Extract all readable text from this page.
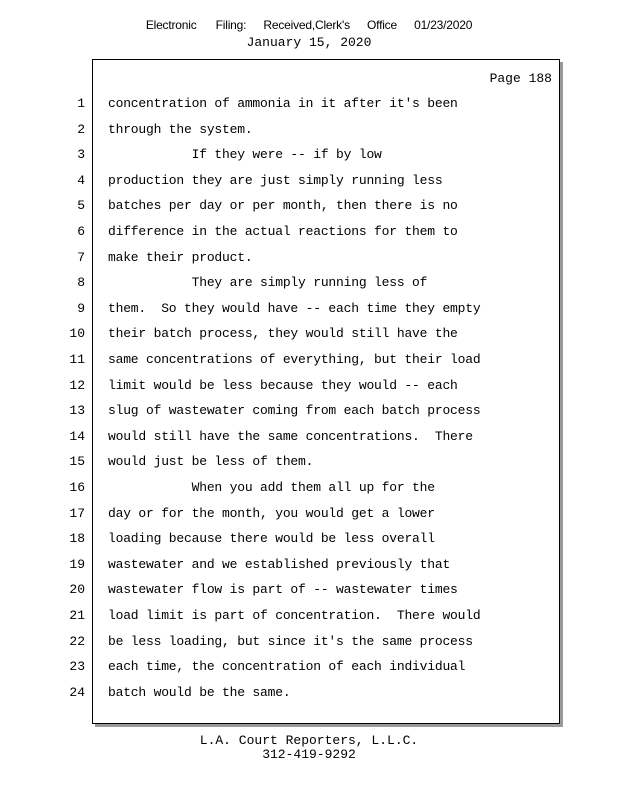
Electronic Filing: Received,Clerk's Office 01/23/2020
January 15, 2020
Page 188
1 concentration of ammonia in it after it's been
2 through the system.
3 If they were -- if by low
4 production they are just simply running less
5 batches per day or per month, then there is no
6 difference in the actual reactions for them to
7 make their product.
8 They are simply running less of
9 them.  So they would have -- each time they empty
10 their batch process, they would still have the
11 same concentrations of everything, but their load
12 limit would be less because they would -- each
13 slug of wastewater coming from each batch process
14 would still have the same concentrations.  There
15 would just be less of them.
16 When you add them all up for the
17 day or for the month, you would get a lower
18 loading because there would be less overall
19 wastewater and we established previously that
20 wastewater flow is part of -- wastewater times
21 load limit is part of concentration.  There would
22 be less loading, but since it's the same process
23 each time, the concentration of each individual
24 batch would be the same.
L.A. Court Reporters, L.L.C.
312-419-9292
